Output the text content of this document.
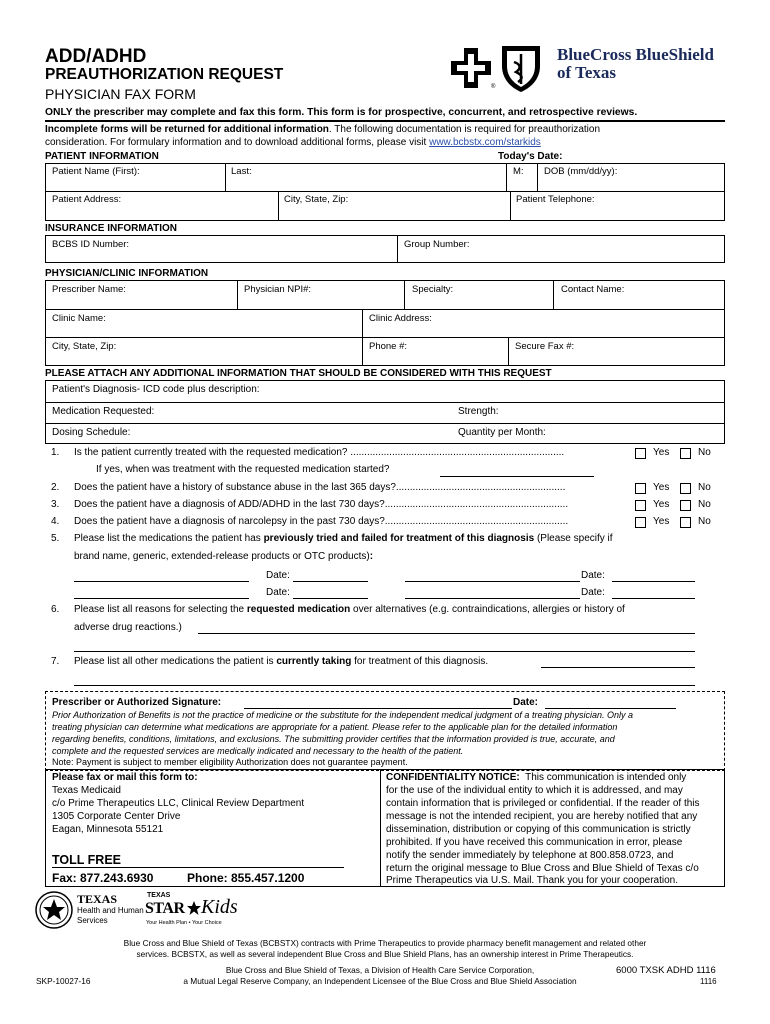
ADD/ADHD
PREAUTHORIZATION REQUEST
PHYSICIAN FAX FORM	®
BlueCross BlueShield
of Texas
ONLY the prescriber may complete and fax this form. This form is for prospective, concurrent, and retrospective reviews.
Incomplete forms will be returned for additional information. The following documentation is required for preauthorization
consideration. For formulary information and to download additional forms, please visit www.bcbstx.com/starkids
PATIENT INFORMATION	Today's Date:
Patient Name (First):	Last:	M: DOB (mm/dd/yy):
Patient Address:	City, State, Zip:	Patient Telephone:
INSURANCE INFORMATION
BCBS ID Number:	Group Number:
PHYSICIAN/CLINIC INFORMATION
Prescriber Name:	Physician NPI#:	Specialty:	Contact Name:
Clinic Name:	Clinic Address:
City, State, Zip:	Phone #:	Secure Fax #:
PLEASE ATTACH ANY ADDITIONAL INFORMATION THAT SHOULD BE CONSIDERED WITH THIS REQUEST
Patient's Diagnosis- ICD code plus description:
Medication Requested:	Strength:
Dosing Schedule:	Quantity per Month:
1. Is the patient currently treated with the requested medication? .............................................................................	Yes	No
If yes, when was treatment with the requested medication started?
2. Does the patient have a history of substance abuse in the last 365 days?.............................................................	Yes	No
3. Does the patient have a diagnosis of ADD/ADHD in the last 730 days?..................................................................	Yes	No
4. Does the patient have a diagnosis of narcolepsy in the past 730 days?..................................................................	Yes	No
5. Please list the medications the patient has previously tried and failed for treatment of this diagnosis (Please specify if
brand name, generic, extended-release products or OTC products):
Date:	Date:
Date:	Date:
6. Please list all reasons for selecting the requested medication over alternatives (e.g. contraindications, allergies or history of
adverse drug reactions.)
7. Please list all other medications the patient is currently taking for treatment of this diagnosis.
Prescriber or Authorized Signature:	Date:
Prior Authorization of Benefits is not the practice of medicine or the substitute for the independent medical judgment of a treating physician. Only a
treating physician can determine what medications are appropriate for a patient. Please refer to the applicable plan for the detailed information
regarding benefits, conditions, limitations, and exclusions. The submitting provider certifies that the information provided is true, accurate, and
complete and the requested services are medically indicated and necessary to the health of the patient.
Note: Payment is subject to member eligibility Authorization does not guarantee payment.
Please fax or mail this form to:
Texas Medicaid
c/o Prime Therapeutics LLC, Clinical Review Department
1305 Corporate Center Drive
Eagan, Minnesota 55121
TOLL FREE
Fax: 877.243.6930	Phone: 855.457.1200
CONFIDENTIALITY NOTICE: This communication is intended only
for the use of the individual entity to which it is addressed, and may
contain information that is privileged or confidential. If the reader of this
message is not the intended recipient, you are hereby notified that any
dissemination, distribution or copying of this communication is strictly
prohibited. If you have received this communication in error, please
notify the sender immediately by telephone at 800.858.0723, and
return the original message to Blue Cross and Blue Shield of Texas c/o
Prime Therapeutics via U.S. Mail. Thank you for your cooperation.
TEXAS
Health and Human
Services
TEXAS
STAR Kids
Your Health Plan • Your Choice
Blue Cross and Blue Shield of Texas (BCBSTX) contracts with Prime Therapeutics to provide pharmacy benefit management and related other
services. BCBSTX, as well as several independent Blue Cross and Blue Shield Plans, has an ownership interest in Prime Therapeutics.
SKP-10027-16
Blue Cross and Blue Shield of Texas, a Division of Health Care Service Corporation,
a Mutual Legal Reserve Company, an Independent Licensee of the Blue Cross and Blue Shield Association
6000 TXSK ADHD 1116
1116
